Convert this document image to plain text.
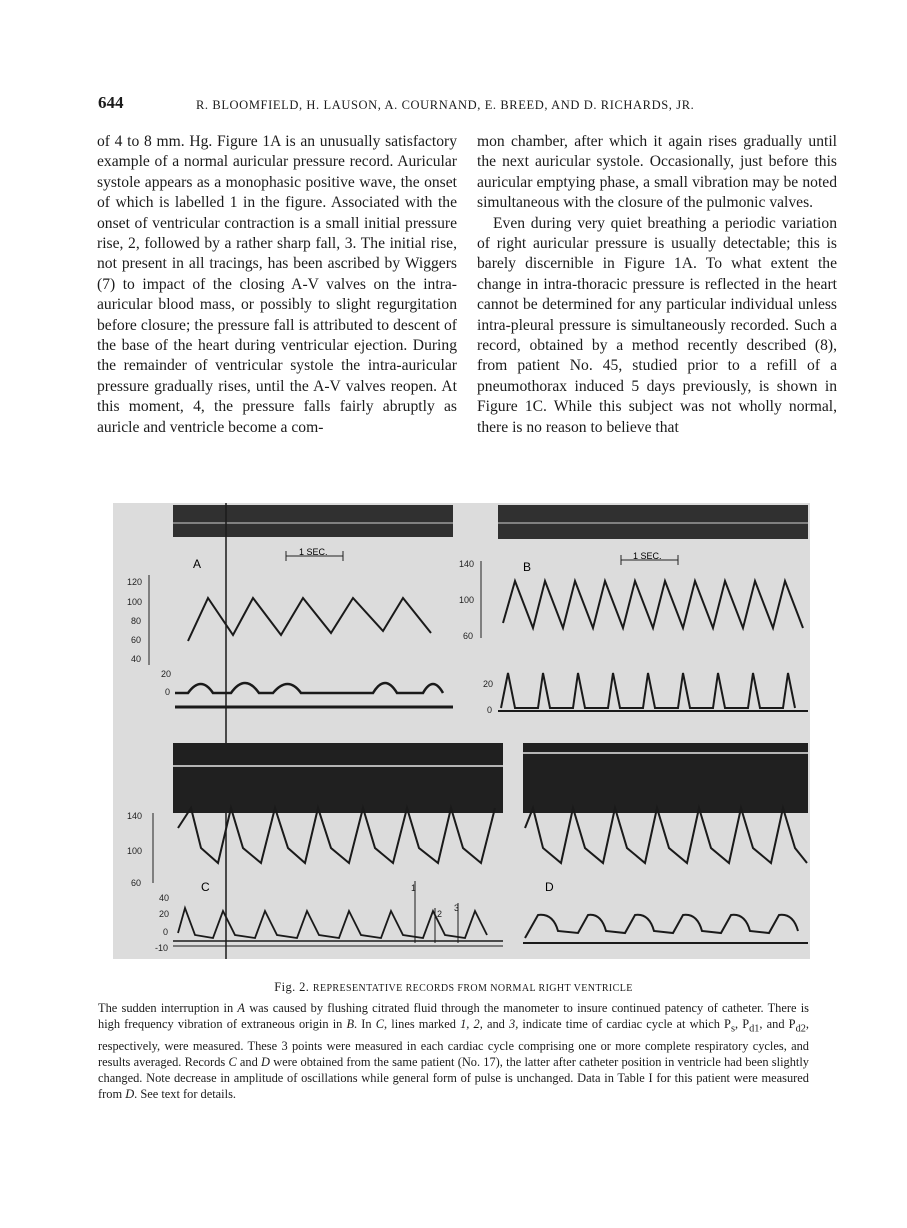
644	R. BLOOMFIELD, H. LAUSON, A. COURNAND, E. BREED, AND D. RICHARDS, JR.

of 4 to 8 mm. Hg. Figure 1A is an unusually satisfactory example of a normal auricular pressure record. Auricular systole appears as a monophasic positive wave, the onset of which is labelled 1 in the figure. Associated with the onset of ventricular contraction is a small initial pressure rise, 2, followed by a rather sharp fall, 3. The initial rise, not present in all tracings, has been ascribed by Wiggers (7) to impact of the closing A-V valves on the intra-auricular blood mass, or possibly to slight regurgitation before closure; the pressure fall is attributed to descent of the base of the heart during ventricular ejection. During the remainder of ventricular systole the intra-auricular pressure gradually rises, until the A-V valves reopen. At this moment, 4, the pressure falls fairly abruptly as auricle and ventricle become a com-

mon chamber, after which it again rises gradually until the next auricular systole. Occasionally, just before this auricular emptying phase, a small vibration may be noted simultaneous with the closure of the pulmonic valves.

Even during very quiet breathing a periodic variation of right auricular pressure is usually detectable; this is barely discernible in Figure 1A. To what extent the change in intra-thoracic pressure is reflected in the heart cannot be determined for any particular individual unless intra-pleural pressure is simultaneously recorded. Such a record, obtained by a method recently described (8), from patient No. 45, studied prior to a refill of a pneumothorax induced 5 days previously, is shown in Figure 1C. While this subject was not wholly normal, there is no reason to believe that

A
1 SEC.
120
100
80
60
40
20
0
B
1 SEC.
140
100
60
20
0
140
100
60
40
20
0
-10
C	1
2
3
D
Fig. 2. REPRESENTATIVE RECORDS FROM NORMAL RIGHT VENTRICLE
The sudden interruption in A was caused by flushing citrated fluid through the manometer to insure continued patency of catheter. There is high frequency vibration of extraneous origin in B. In C, lines marked 1, 2, and 3, indicate time of cardiac cycle at which $P_s$, $P_{d1}$, and $P_{d2}$, respectively, were measured. These 3 points were measured in each cardiac cycle comprising one or more complete respiratory cycles, and results averaged. Records C and D were obtained from the same patient (No. 17), the latter after catheter position in ventricle had been slightly changed. Note decrease in amplitude of oscillations while general form of pulse is unchanged. Data in Table I for this patient were measured from D. See text for details.
